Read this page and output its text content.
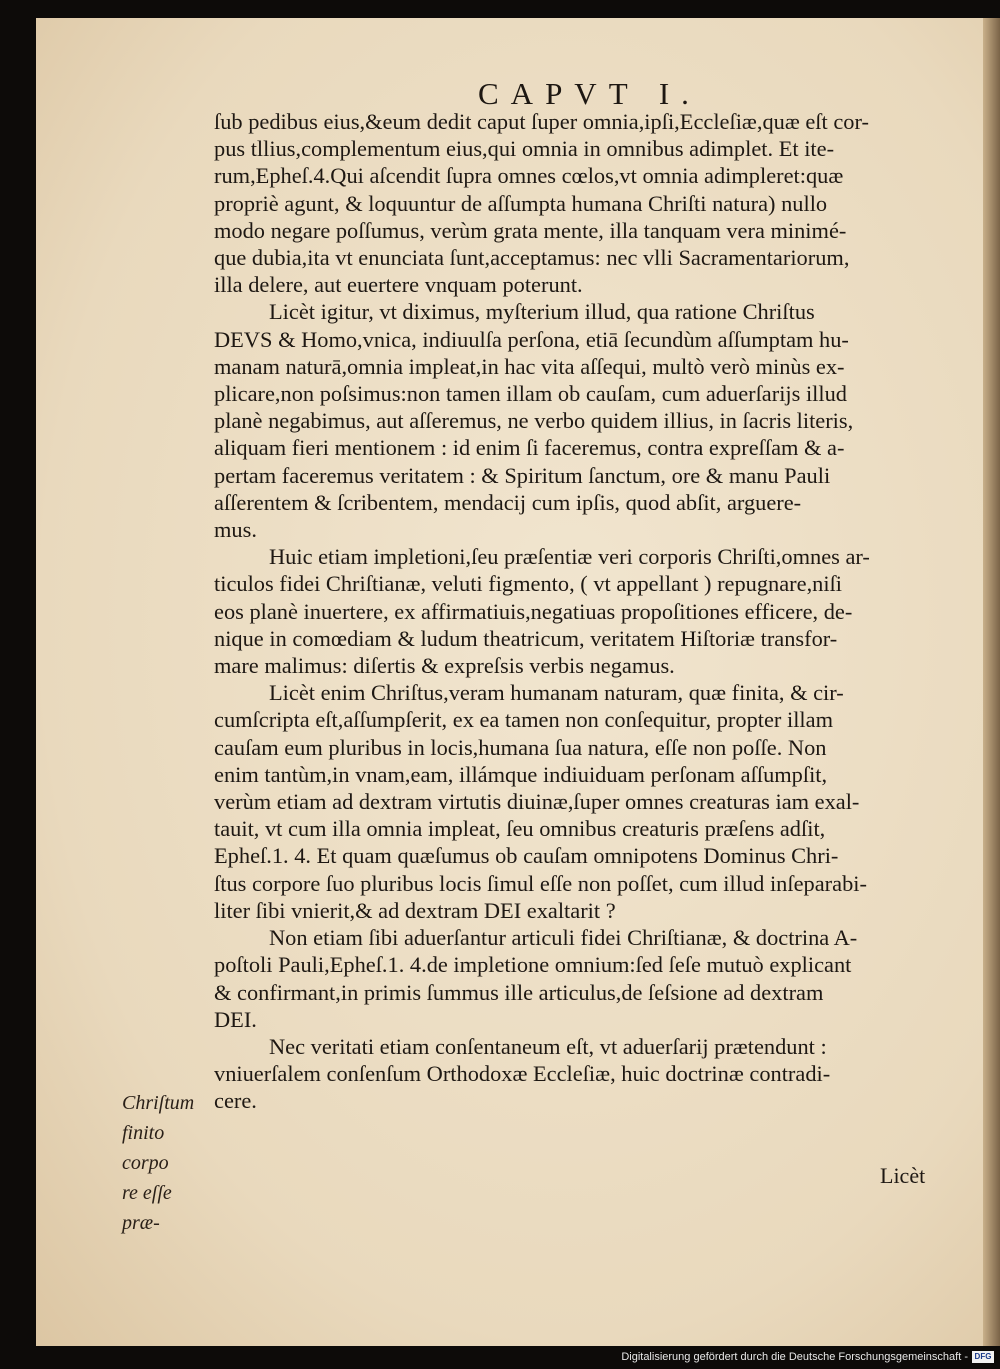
CAPVT I.

ſub pedibus eius,&eum dedit caput ſuper omnia,ipſi,Eccleſiæ,quæ eſt cor-
pus tllius,complementum eius,qui omnia in omnibus adimplet. Et ite-
rum,Epheſ.4.Qui aſcendit ſupra omnes cœlos,vt omnia adimpleret:quæ
propriè agunt, & loquuntur de aſſumpta humana Chriſti natura) nullo
modo negare poſſumus, verùm grata mente, illa tanquam vera minimé-
que dubia,ita vt enunciata ſunt,acceptamus: nec vlli Sacramentariorum,
illa delere, aut euertere vnquam poterunt.

Licèt igitur, vt diximus, myſterium illud, qua ratione Chriſtus
DEVS & Homo,vnica, indiuulſa perſona, etiā ſecundùm aſſumptam hu-
manam naturā,omnia impleat,in hac vita aſſequi, multò verò minùs ex-
plicare,non poſsimus:non tamen illam ob cauſam, cum aduerſarijs illud
planè negabimus, aut aſſeremus, ne verbo quidem illius, in ſacris literis,
aliquam fieri mentionem : id enim ſi faceremus, contra expreſſam & a-
pertam faceremus veritatem : & Spiritum ſanctum, ore & manu Pauli
aſſerentem & ſcribentem, mendacij cum ipſis, quod abſit, arguere-
mus.

Huic etiam impletioni,ſeu præſentiæ veri corporis Chriſti,omnes ar-
ticulos fidei Chriſtianæ, veluti figmento, ( vt appellant ) repugnare,niſi
eos planè inuertere, ex affirmatiuis,negatiuas propoſitiones efficere, de-
nique in comœdiam & ludum theatricum, veritatem Hiſtoriæ transfor-
mare malimus: diſertis & expreſsis verbis negamus.

Licèt enim Chriſtus,veram humanam naturam, quæ finita, & cir-
cumſcripta eſt,aſſumpſerit, ex ea tamen non conſequitur, propter illam
cauſam eum pluribus in locis,humana ſua natura, eſſe non poſſe. Non
enim tantùm,in vnam,eam, illámque indiuiduam perſonam aſſumpſit,
verùm etiam ad dextram virtutis diuinæ,ſuper omnes creaturas iam exal-
tauit, vt cum illa omnia impleat, ſeu omnibus creaturis præſens adſit,
Epheſ.1. 4. Et quam quæſumus ob cauſam omnipotens Dominus Chri-
ſtus corpore ſuo pluribus locis ſimul eſſe non poſſet, cum illud inſeparabi-
liter ſibi vnierit,& ad dextram DEI exaltarit ?

Non etiam ſibi aduerſantur articuli fidei Chriſtianæ, & doctrina A-
poſtoli Pauli,Epheſ.1. 4.de impletione omnium:ſed ſeſe mutuò explicant
& confirmant,in primis ſummus ille articulus,de ſeſsione ad dextram
DEI.

Nec veritati etiam conſentaneum eſt, vt aduerſarij prætendunt :
vniuerſalem conſenſum Orthodoxæ Eccleſiæ, huic doctrinæ contradi-
cere.

Chriſtum
finito corpo
re eſſe præ-
Licèt
Digitalisierung gefördert durch die Deutsche Forschungsgemeinschaft - DFG
